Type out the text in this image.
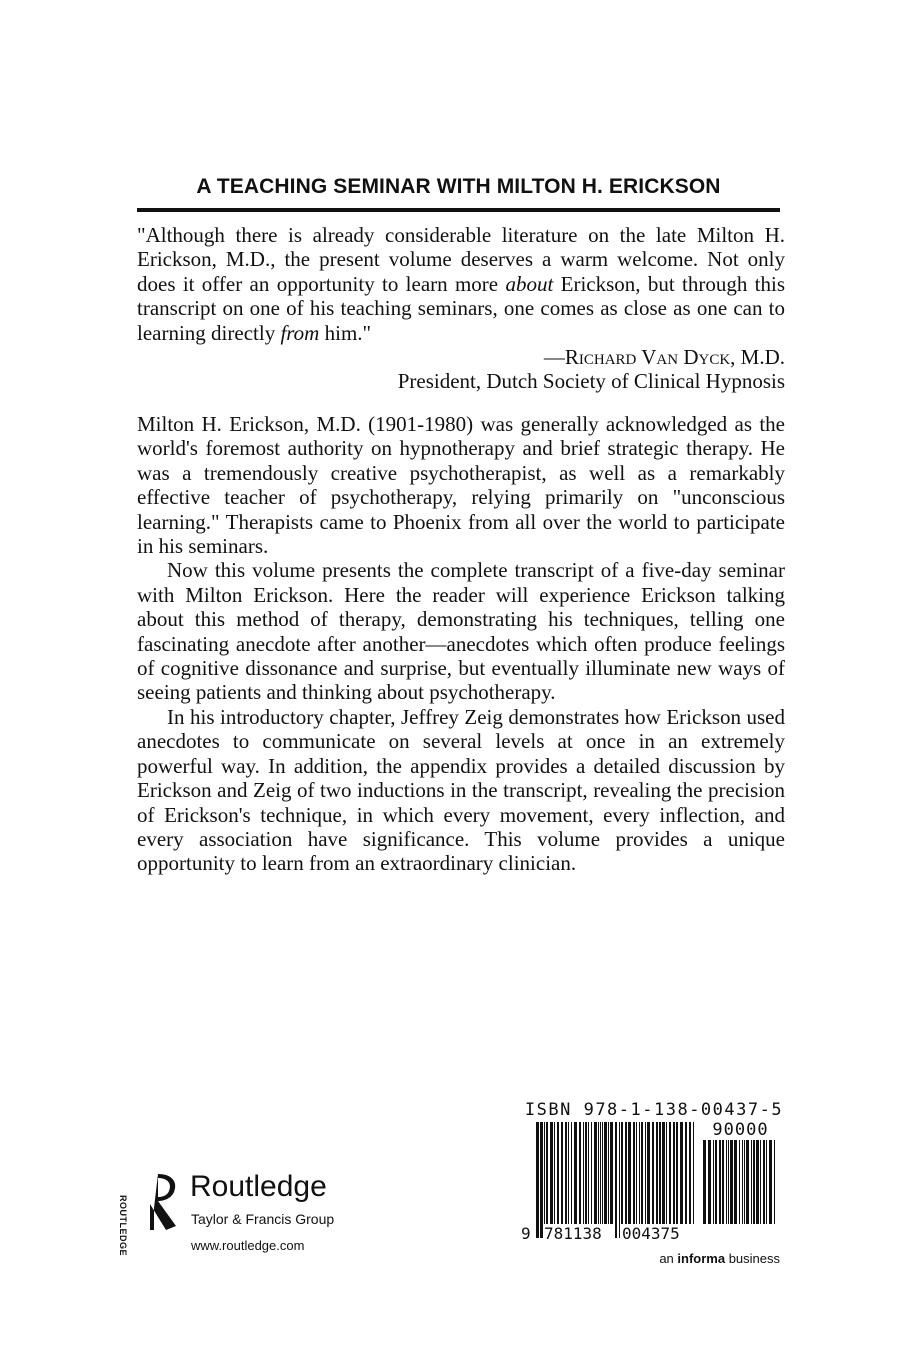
A TEACHING SEMINAR WITH MILTON H. ERICKSON
"Although there is already considerable literature on the late Milton H. Erickson, M.D., the present volume deserves a warm welcome. Not only does it offer an opportunity to learn more about Erickson, but through this transcript on one of his teaching seminars, one comes as close as one can to learning directly from him."
—Richard Van Dyck, M.D.
President, Dutch Society of Clinical Hypnosis

Milton H. Erickson, M.D. (1901-1980) was generally acknowledged as the world's foremost authority on hypnotherapy and brief strategic therapy. He was a tremendously creative psychotherapist, as well as a remarkably effective teacher of psychotherapy, relying primarily on "unconscious learning." Therapists came to Phoenix from all over the world to participate in his seminars.

Now this volume presents the complete transcript of a five-day seminar with Milton Erickson. Here the reader will experience Erickson talking about this method of therapy, demonstrating his techniques, telling one fascinating anecdote after another—anecdotes which often produce feelings of cognitive dissonance and surprise, but eventually illuminate new ways of seeing patients and thinking about psychotherapy.

In his introductory chapter, Jeffrey Zeig demonstrates how Erickson used anecdotes to communicate on several levels at once in an extremely powerful way. In addition, the appendix provides a detailed discussion by Erickson and Zeig of two inductions in the transcript, revealing the precision of Erickson's technique, in which every movement, every inflection, and every association have significance. This volume provides a unique opportunity to learn from an extraordinary clinician.

ROUTLEDGE
Routledge
Taylor & Francis Group
www.routledge.com
ISBN 978-1-138-00437-5
90000
9 781138 004375
an informa business
